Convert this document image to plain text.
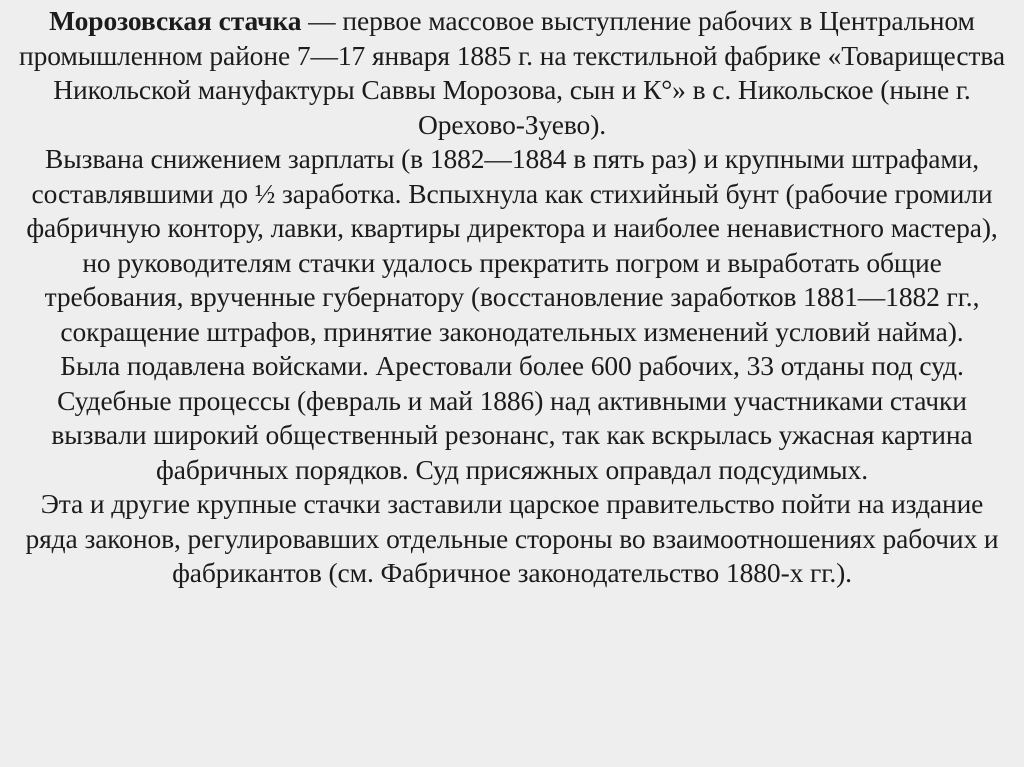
Морозовская стачка — первое массовое выступление рабочих в Центральном промышленном районе 7—17 января 1885 г. на текстильной фабрике «Товарищества Никольской мануфактуры Саввы Морозова, сын и К°» в с. Никольское (ныне г. Орехово-Зуево).

Вызвана снижением зарплаты (в 1882—1884 в пять раз) и крупными штрафами, составлявшими до ½ заработка. Вспыхнула как стихийный бунт (рабочие громили фабричную контору, лавки, квартиры директора и наиболее ненавистного мастера), но руководителям стачки удалось прекратить погром и выработать общие требования, врученные губернатору (восстановление заработков 1881—1882 гг., сокращение штрафов, принятие законодательных изменений условий найма).

Была подавлена войсками. Арестовали более 600 рабочих, 33 отданы под суд. Судебные процессы (февраль и май 1886) над активными участниками стачки вызвали широкий общественный резонанс, так как вскрылась ужасная картина фабричных порядков. Суд присяжных оправдал подсудимых.

Эта и другие крупные стачки заставили царское правительство пойти на издание ряда законов, регулировавших отдельные стороны во взаимоотношениях рабочих и фабрикантов (см. Фабричное законодательство 1880-х гг.).
